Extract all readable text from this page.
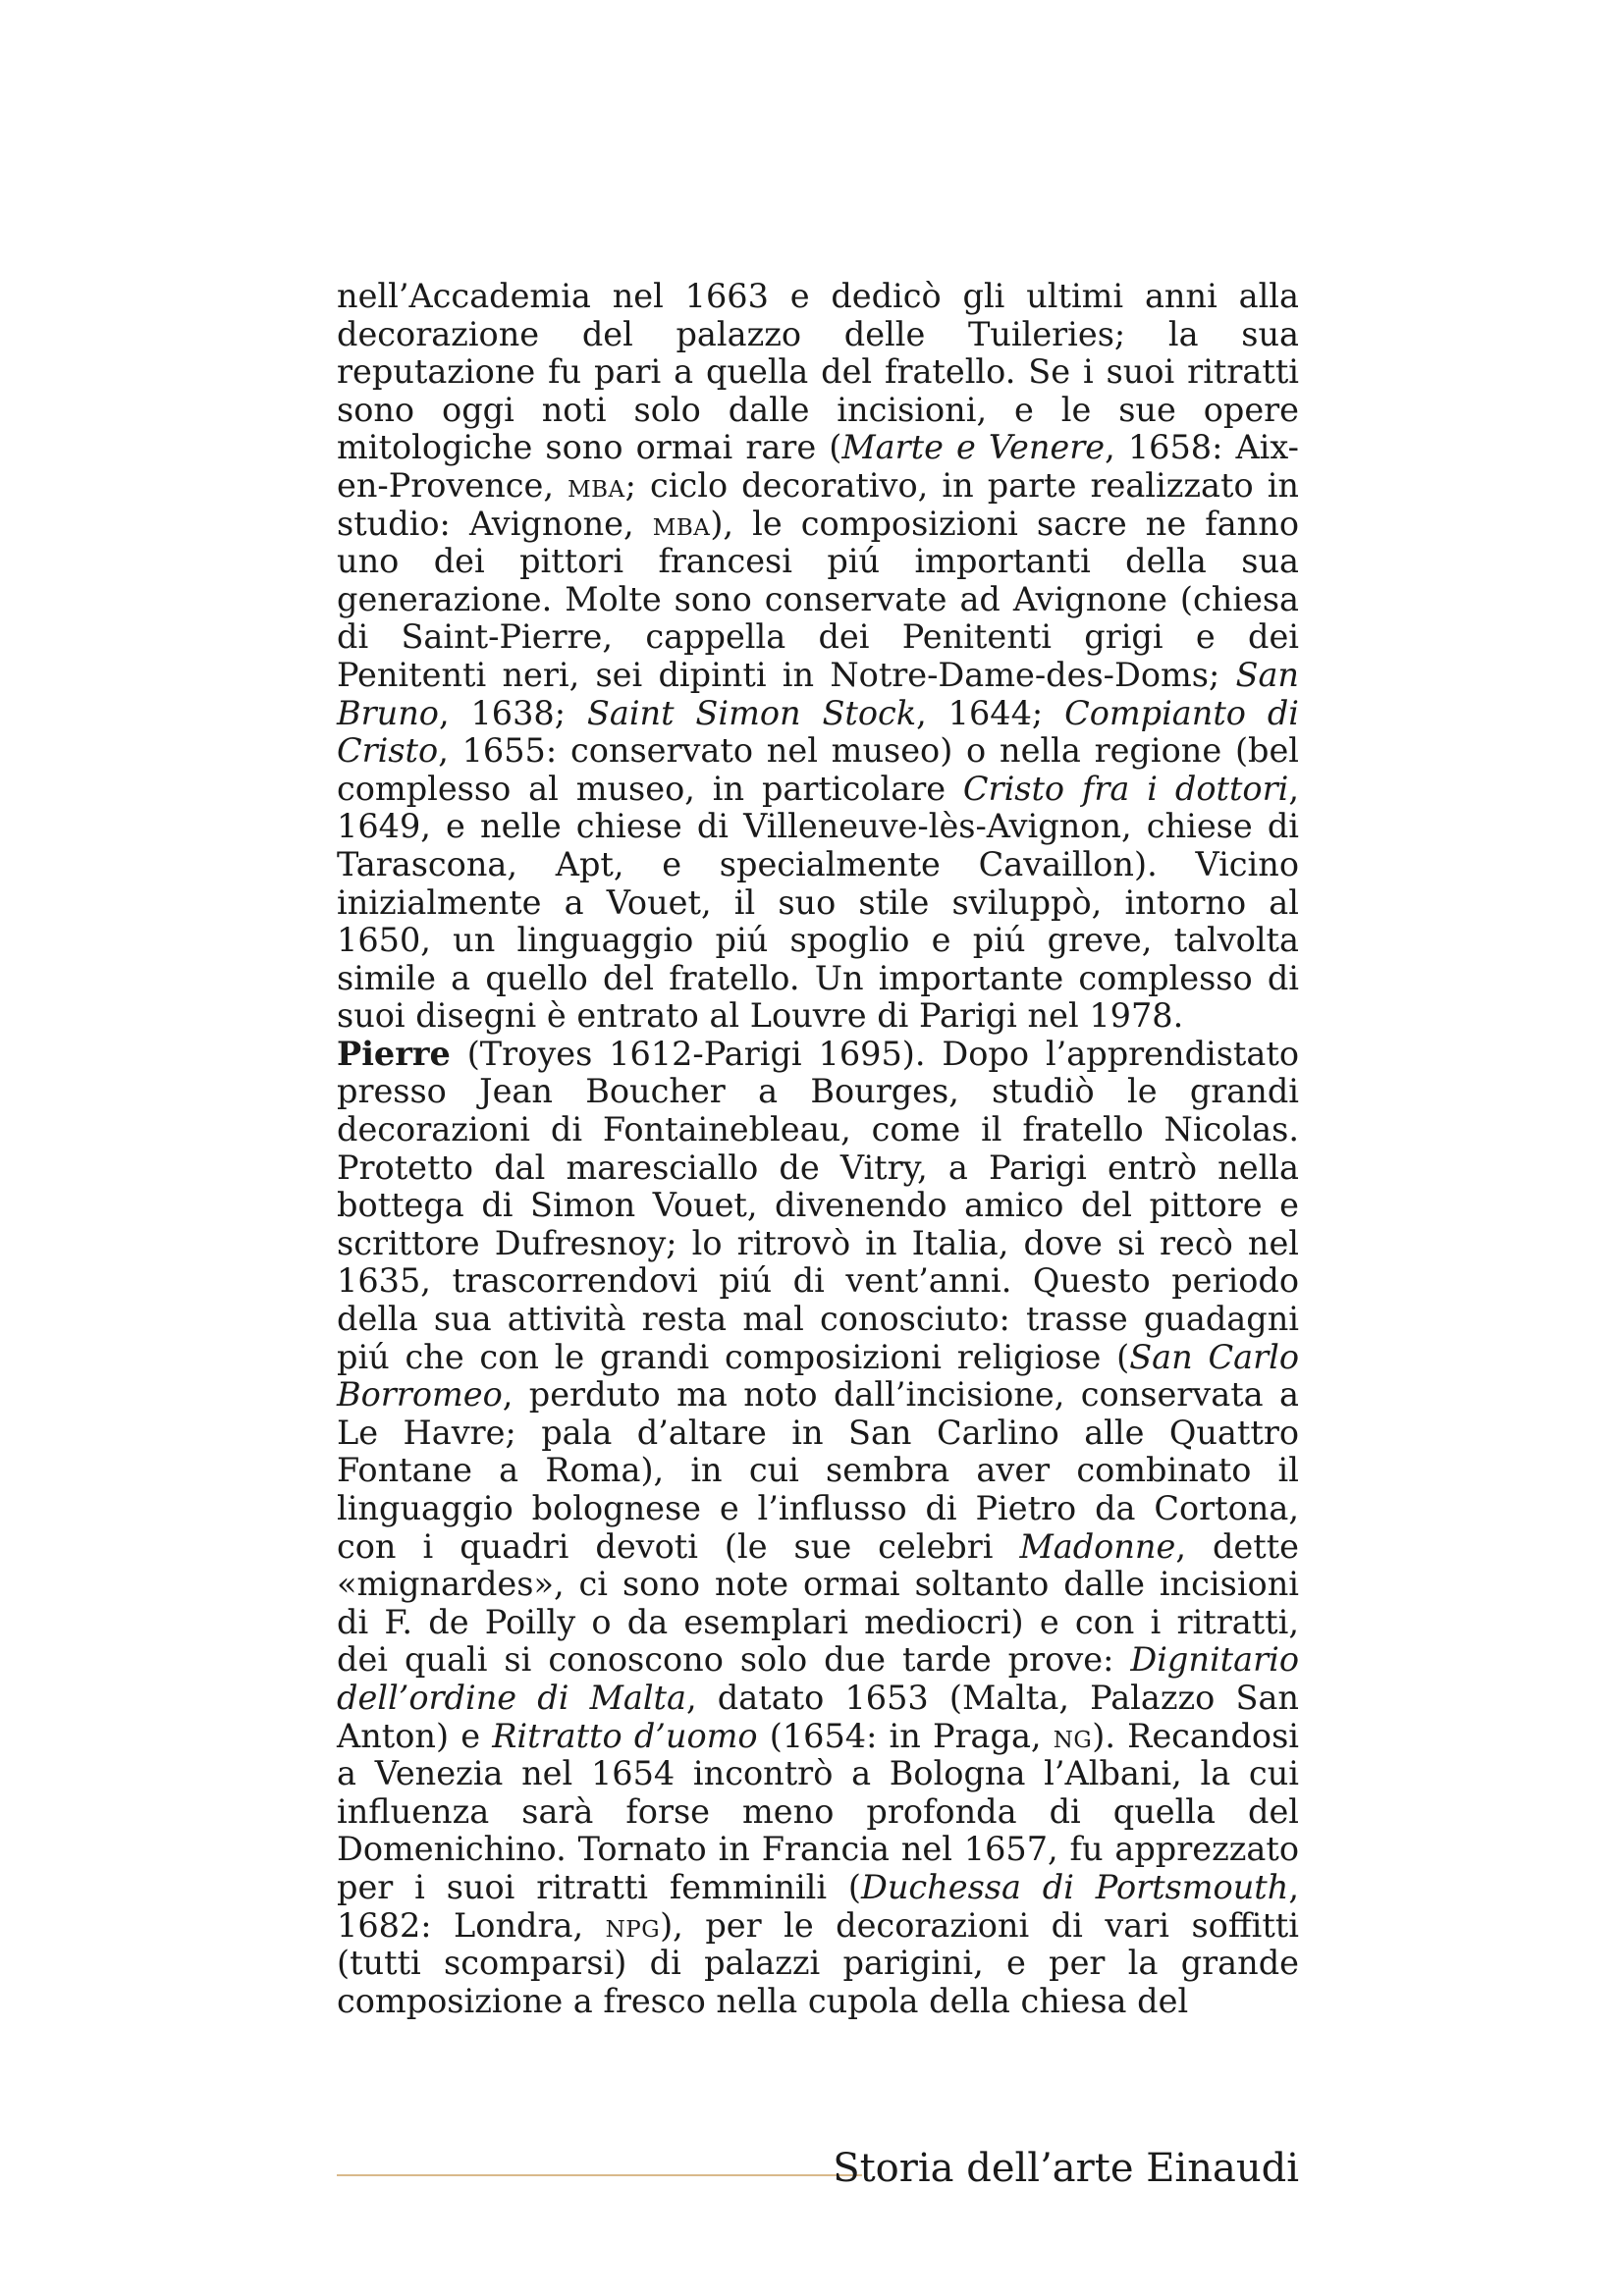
nell’Accademia nel 1663 e dedicò gli ultimi anni alla decorazione del palazzo delle Tuileries; la sua reputazione fu pari a quella del fratello. Se i suoi ritratti sono oggi noti solo dalle incisioni, e le sue opere mitologiche sono ormai rare (Marte e Venere, 1658: Aix-en-Provence, mba; ciclo decorativo, in parte realizzato in studio: Avignone, mba), le composizioni sacre ne fanno uno dei pittori francesi piú importanti della sua generazione. Molte sono conservate ad Avignone (chiesa di Saint-Pierre, cappella dei Penitenti grigi e dei Penitenti neri, sei dipinti in Notre-Dame-des-Doms; San Bruno, 1638; Saint Simon Stock, 1644; Compianto di Cristo, 1655: conservato nel museo) o nella regione (bel complesso al museo, in particolare Cristo fra i dottori, 1649, e nelle chiese di Villeneuve-lès-Avignon, chiese di Tarascona, Apt, e specialmente Cavaillon). Vicino inizialmente a Vouet, il suo stile sviluppò, intorno al 1650, un linguaggio piú spoglio e piú greve, talvolta simile a quello del fratello. Un importante complesso di suoi disegni è entrato al Louvre di Parigi nel 1978.

Pierre (Troyes 1612-Parigi 1695). Dopo l’apprendistato presso Jean Boucher a Bourges, studiò le grandi decorazioni di Fontainebleau, come il fratello Nicolas. Protetto dal maresciallo de Vitry, a Parigi entrò nella bottega di Simon Vouet, divenendo amico del pittore e scrittore Dufresnoy; lo ritrovò in Italia, dove si recò nel 1635, trascorrendovi piú di vent’anni. Questo periodo della sua attività resta mal conosciuto: trasse guadagni piú che con le grandi composizioni religiose (San Carlo Borromeo, perduto ma noto dall’incisione, conservata a Le Havre; pala d’altare in San Carlino alle Quattro Fontane a Roma), in cui sembra aver combinato il linguaggio bolognese e l’influsso di Pietro da Cortona, con i quadri devoti (le sue celebri Madonne, dette «mignardes», ci sono note ormai soltanto dalle incisioni di F. de Poilly o da esemplari mediocri) e con i ritratti, dei quali si conoscono solo due tarde prove: Dignitario dell’ordine di Malta, datato 1653 (Malta, Palazzo San Anton) e Ritratto d’uomo (1654: in Praga, ng). Recandosi a Venezia nel 1654 incontrò a Bologna l’Albani, la cui influenza sarà forse meno profonda di quella del Domenichino. Tornato in Francia nel 1657, fu apprezzato per i suoi ritratti femminili (Duchessa di Portsmouth, 1682: Londra, npg), per le decorazioni di vari soffitti (tutti scomparsi) di palazzi parigini, e per la grande composizione a fresco nella cupola della chiesa del

Storia dell’arte Einaudi
